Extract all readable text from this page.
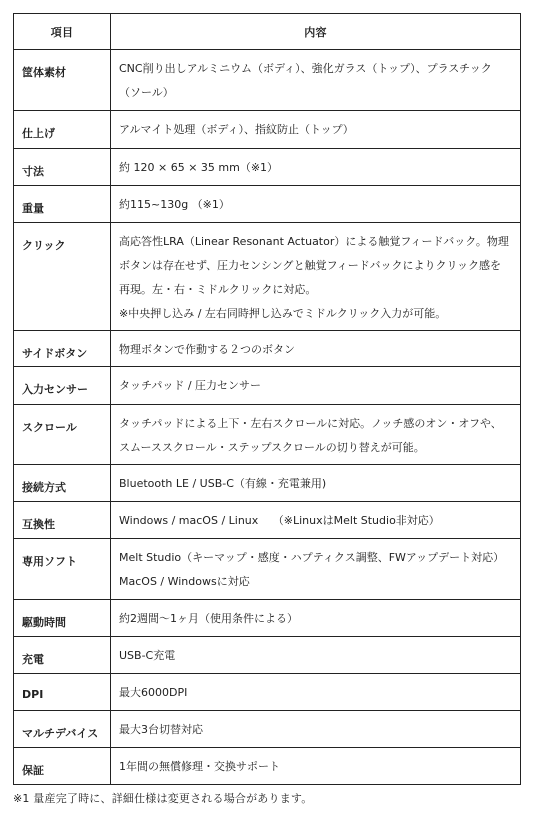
項目	内容
筐体素材	CNC削り出しアルミニウム（ボディ）、強化ガラス（トップ）、プラスチック（ソール）
仕上げ	アルマイト処理（ボディ）、指紋防止（トップ）
寸法	約 120 × 65 × 35 mm（※1）
重量	約115~130g （※1）
クリック	高応答性LRA（Linear Resonant Actuator）による触覚フィードバック。物理ボタンは存在せず、圧力センシングと触覚フィードバックによりクリック感を再現。左・右・ミドルクリックに対応。
※中央押し込み / 左右同時押し込みでミドルクリック入力が可能。

サイドボタン	物理ボタンで作動する２つのボタン
入力センサー	タッチパッド / 圧力センサー
スクロール	タッチパッドによる上下・左右スクロールに対応。ノッチ感のオン・オフや、スムーススクロール・ステップスクロールの切り替えが可能。
接続方式	Bluetooth LE / USB-C（有線・充電兼用)
互換性	Windows / macOS / Linux　 （※LinuxはMelt Studio非対応）
専用ソフト	Melt Studio（キーマップ・感度・ハプティクス調整、FWアップデート対応）
MacOS / Windowsに対応

駆動時間	約2週間〜1ヶ月（使用条件による）
充電	USB-C充電
DPI	最大6000DPI
マルチデバイス	最大3台切替対応
保証	1年間の無償修理・交換サポート
※1 量産完了時に、詳細仕様は変更される場合があります。
